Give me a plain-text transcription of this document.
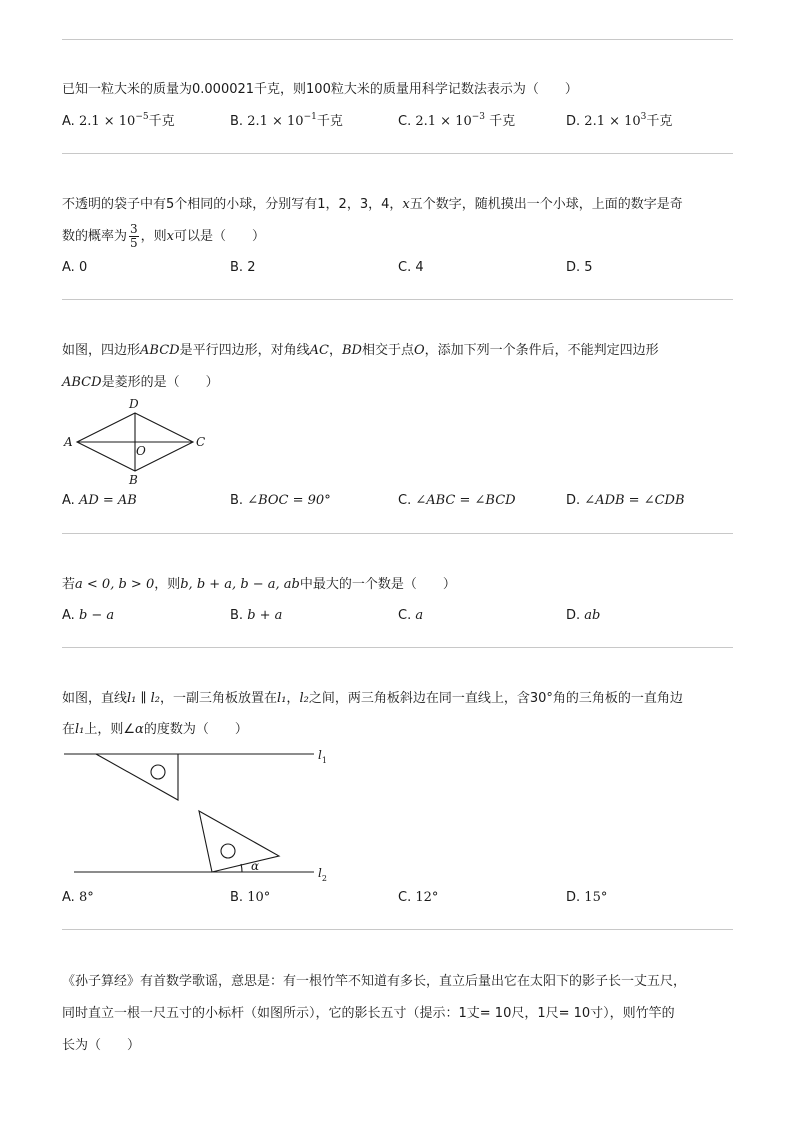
已知一粒大米的质量为0.000021千克，则100粒大米的质量用科学记数法表示为（　　）
A. $2.1 \times 10^{-5}$千克	B. $2.1 \times 10^{-1}$千克	C. $2.1 \times 10^{-3}$ 千克	D. $2.1 \times 10^3$千克
不透明的袋子中有5个相同的小球，分别写有1，2，3，4，x五个数字，随机摸出一个小球，上面的数字是奇
数的概率为 $\frac{3}{5}$ ，则x可以是（　　）
A. 0	B. 2	C. 4	D. 5
如图，四边形ABCD是平行四边形，对角线AC，BD相交于点O，添加下列一个条件后，不能判定四边形
ABCD是菱形的是（　　）
D
A	C
O
B
A. AD = AB	B. ∠BOC = 90°	C. ∠ABC = ∠BCD	D. ∠ADB = ∠CDB
若a < 0, b > 0，则b, b + a, b − a, ab中最大的一个数是（　　）
A. b − a	B. b + a	C. a	D. ab
如图，直线l₁ ∥ l₂，一副三角板放置在l₁，l₂之间，两三角板斜边在同一直线上，含30°角的三角板的一直角边
在l₁上，则∠α的度数为（　　）
$l_1$
$l_2$
α
A. 8°	B. 10°	C. 12°	D. 15°
《孙子算经》有首数学歌谣，意思是：有一根竹竿不知道有多长，直立后量出它在太阳下的影子长一丈五尺，
同时直立一根一尺五寸的小标杆（如图所示），它的影长五寸（提示：1丈= 10尺，1尺= 10寸），则竹竿的
长为（　　）
